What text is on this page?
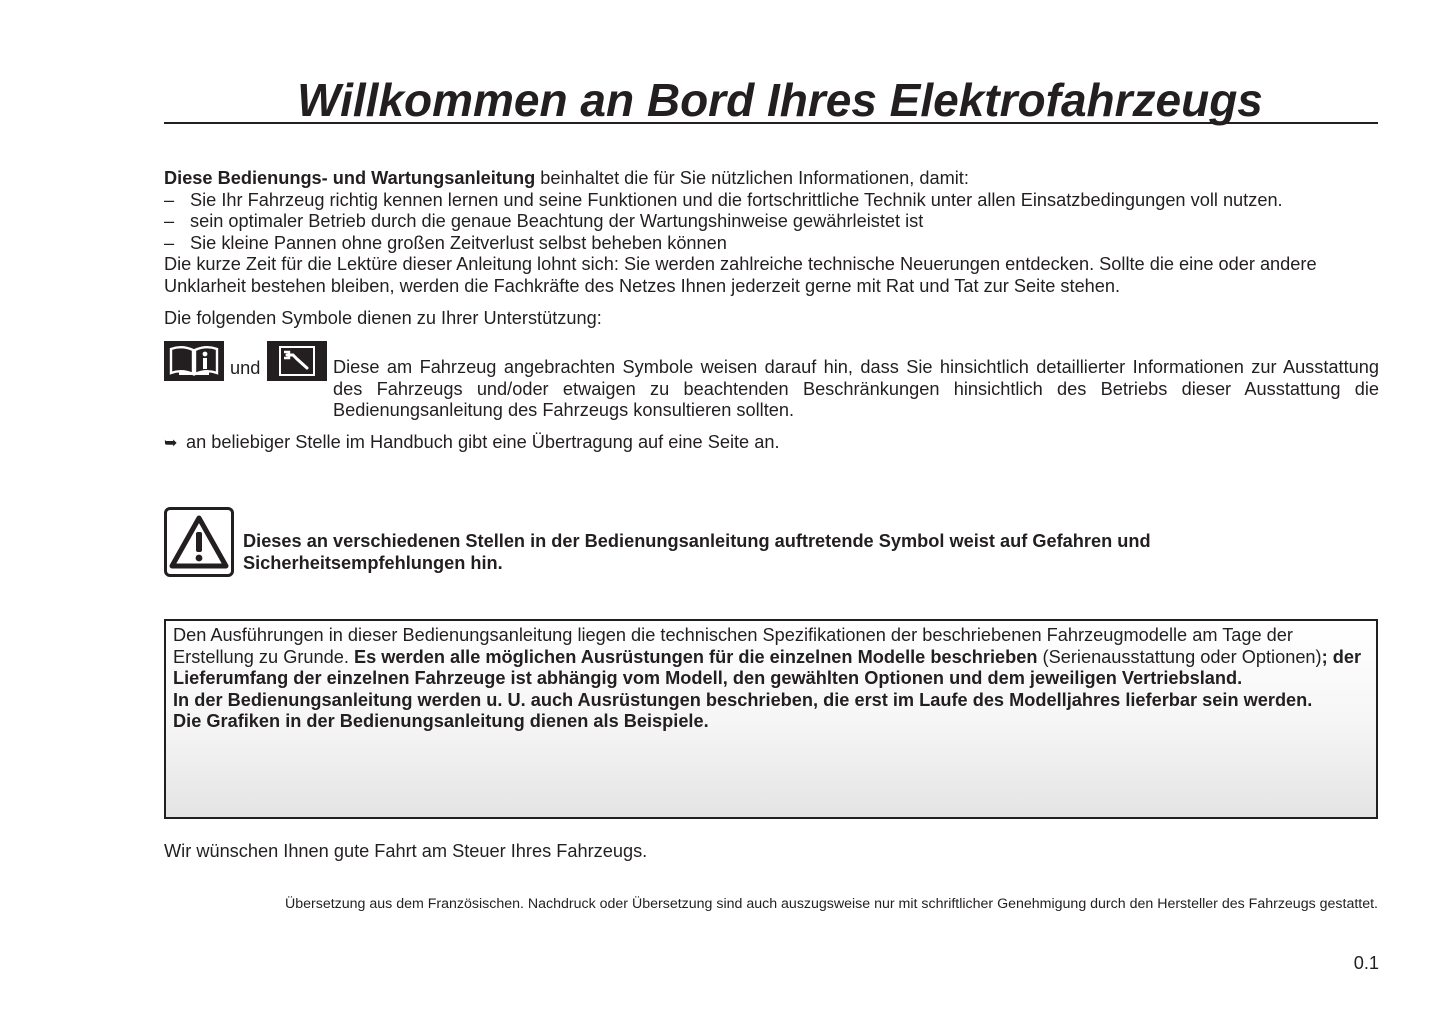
Willkommen an Bord Ihres Elektrofahrzeugs

Diese Bedienungs- und Wartungsanleitung beinhaltet die für Sie nützlichen Informationen, damit:

– Sie Ihr Fahrzeug richtig kennen lernen und seine Funktionen und die fortschrittliche Technik unter allen Einsatzbedingungen voll nutzen.

– sein optimaler Betrieb durch die genaue Beachtung der Wartungshinweise gewährleistet ist

– Sie kleine Pannen ohne großen Zeitverlust selbst beheben können

Die kurze Zeit für die Lektüre dieser Anleitung lohnt sich: Sie werden zahlreiche technische Neuerungen entdecken. Sollte die eine oder andere Unklarheit bestehen bleiben, werden die Fachkräfte des Netzes Ihnen jederzeit gerne mit Rat und Tat zur Seite stehen.

Die folgenden Symbole dienen zu Ihrer Unterstützung:

und	Diese am Fahrzeug angebrachten Symbole weisen darauf hin, dass Sie hinsichtlich detaillierter Informationen zur Ausstattung des Fahrzeugs und/oder etwaigen zu beachtenden Beschränkungen hinsichtlich des Betriebs dieser Ausstattung die Bedienungsanleitung des Fahrzeugs konsultieren sollten.

➥ an beliebiger Stelle im Handbuch gibt eine Übertragung auf eine Seite an.

Dieses an verschiedenen Stellen in der Bedienungsanleitung auftretende Symbol weist auf Gefahren und Sicherheitsempfehlungen hin.

Den Ausführungen in dieser Bedienungsanleitung liegen die technischen Spezifikationen der beschriebenen Fahrzeugmodelle am Tage der Erstellung zu Grunde. Es werden alle möglichen Ausrüstungen für die einzelnen Modelle beschrieben (Serienausstattung oder Optionen); der Lieferumfang der einzelnen Fahrzeuge ist abhängig vom Modell, den gewählten Optionen und dem jeweiligen Vertriebsland.
In der Bedienungsanleitung werden u. U. auch Ausrüstungen beschrieben, die erst im Laufe des Modelljahres lieferbar sein werden.
Die Grafiken in der Bedienungsanleitung dienen als Beispiele.

Wir wünschen Ihnen gute Fahrt am Steuer Ihres Fahrzeugs.

Übersetzung aus dem Französischen. Nachdruck oder Übersetzung sind auch auszugsweise nur mit schriftlicher Genehmigung durch den Hersteller des Fahrzeugs gestattet.

0.1
